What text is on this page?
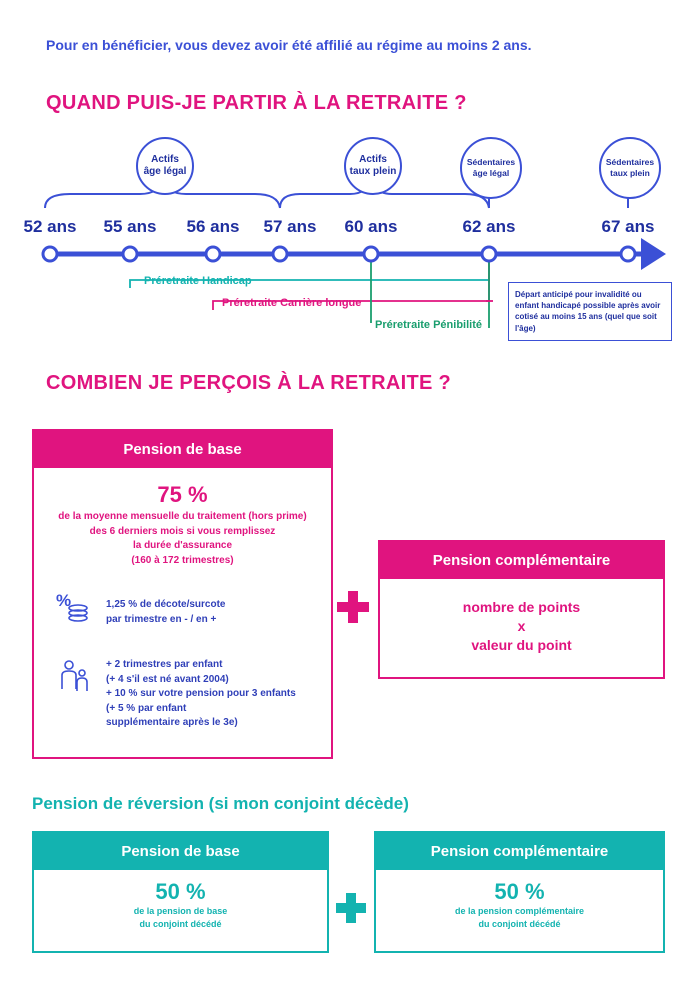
Pour en bénéficier, vous devez avoir été affilié au régime au moins 2 ans.
QUAND PUIS-JE PARTIR À LA RETRAITE ?
Actifs
âge légal
Actifs
taux plein
Sédentaires
âge légal
Sédentaires
taux plein
52 ans	55 ans	56 ans	57 ans	60 ans	62 ans	67 ans
Préretraite Handicap
Préretraite Carrière longue
Préretraite Pénibilité
Départ anticipé pour invalidité ou enfant handicapé possible après avoir cotisé au moins 15 ans (quel que soit l'âge)
COMBIEN JE PERÇOIS À LA RETRAITE ?
Pension de base
75 %
de la moyenne mensuelle du traitement (hors prime)
des 6 derniers mois si vous remplissez
la durée d'assurance
(160 à 172 trimestres)
%	1,25 % de décote/surcote
par trimestre en - / en +
+ 2 trimestres par enfant
(+ 4 s'il est né avant 2004)
+ 10 % sur votre pension pour 3 enfants
(+ 5 % par enfant
supplémentaire après le 3e)
Pension complémentaire
nombre de points
x
valeur du point
Pension de réversion (si mon conjoint décède)
Pension de base
50 %
de la pension de base
du conjoint décédé
Pension complémentaire
50 %
de la pension complémentaire
du conjoint décédé
